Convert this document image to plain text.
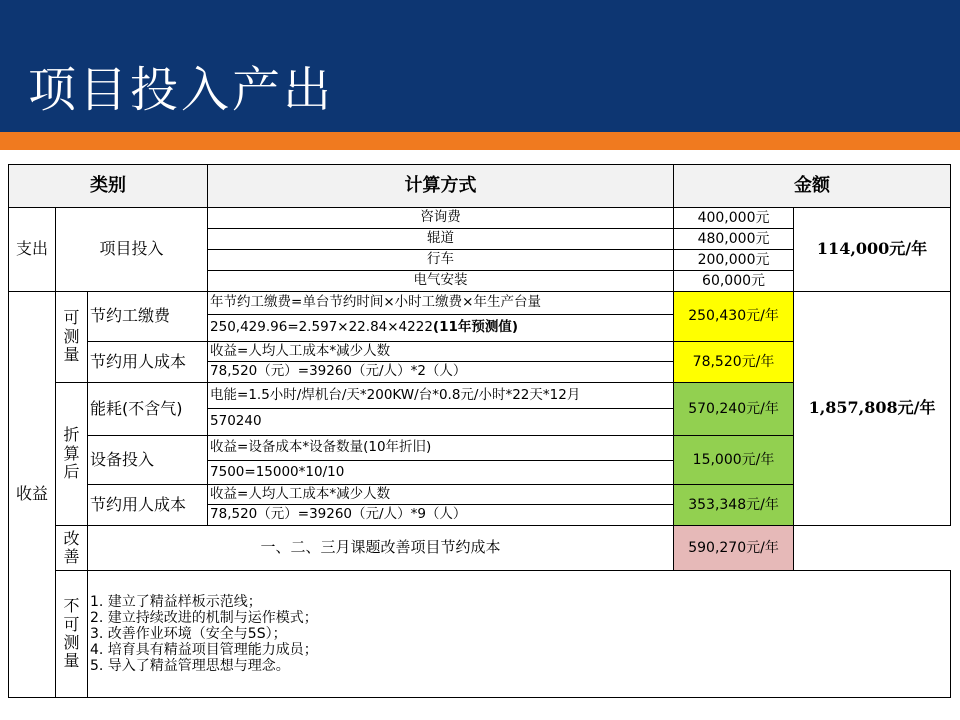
项目投入产出
类别			计算方式	金额	
支出	项目投入		咨询费	400,000元	114,000元/年
			辊道	480,000元	
			行车	200,000元	
			电气安装	60,000元	
收益	可测量	节约工缴费	年节约工缴费=单台节约时间×小时工缴费×年生产台量	250,430元/年	1,857,808元/年
			250,429.96=2.597×22.84×4222(11年预测值)		
		节约用人成本	收益=人均人工成本*减少人数	78,520元/年	
			78,520（元）=39260（元/人）*2（人）		
	折算后	能耗(不含气)	电能=1.5小时/焊机台/天*200KW/台*0.8元/小时*22天*12月	570,240元/年	
			570240		
		设备投入	收益=设备成本*设备数量(10年折旧)	15,000元/年	
			7500=15000*10/10		
		节约用人成本	收益=人均人工成本*减少人数	353,348元/年	
			78,520（元）=39260（元/人）*9（人）		
	改善	一、二、三月课题改善项目节约成本		590,270元/年	
	不可测量	1. 建立了精益样板示范线；
2. 建立持续改进的机制与运作模式；
3. 改善作业环境（安全与5S）；
4. 培育具有精益项目管理能力成员；
5. 导入了精益管理思想与理念。			
